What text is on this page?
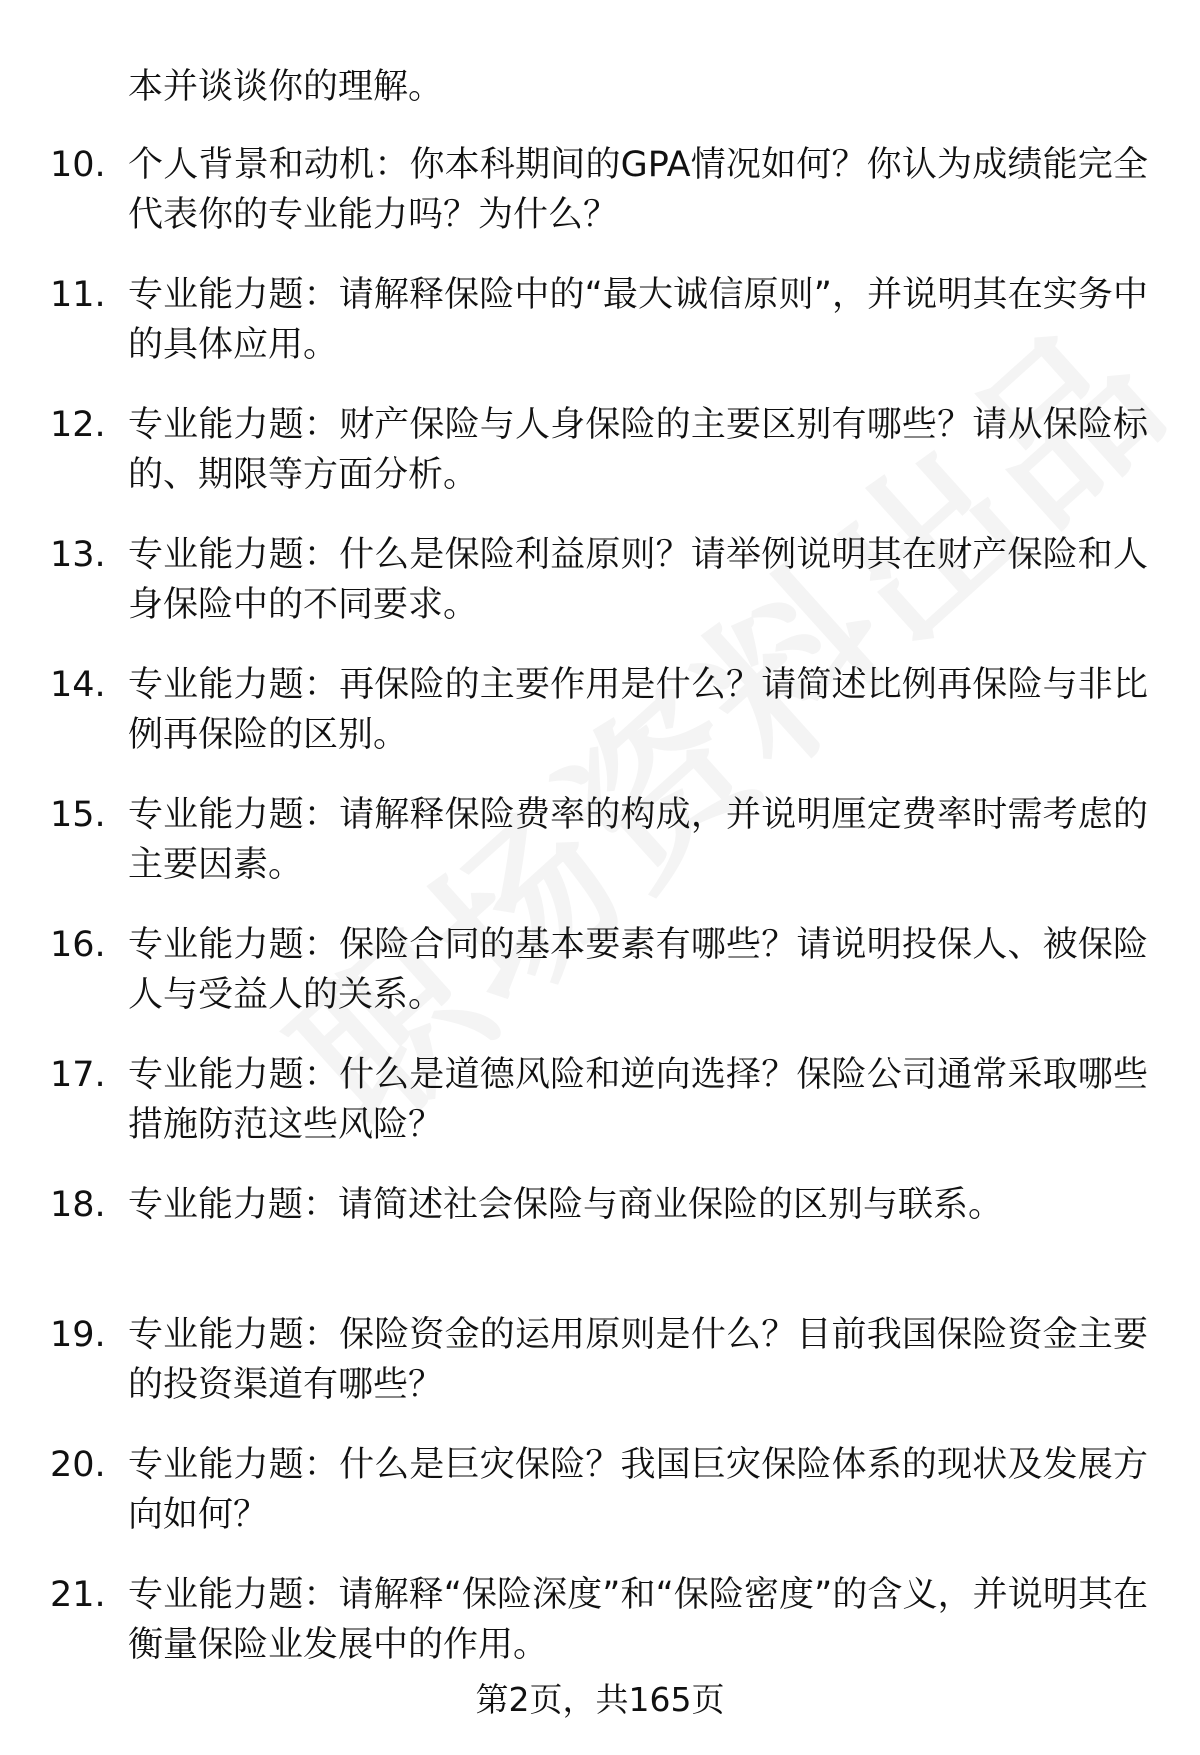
本并谈谈你的理解。
10. 个人背景和动机：你本科期间的GPA情况如何？你认为成绩能完全代表你的专业能力吗？为什么？
11. 专业能力题：请解释保险中的“最大诚信原则”，并说明其在实务中的具体应用。
12. 专业能力题：财产保险与人身保险的主要区别有哪些？请从保险标的、期限等方面分析。
13. 专业能力题：什么是保险利益原则？请举例说明其在财产保险和人身保险中的不同要求。
14. 专业能力题：再保险的主要作用是什么？请简述比例再保险与非比例再保险的区别。
15. 专业能力题：请解释保险费率的构成，并说明厘定费率时需考虑的主要因素。
16. 专业能力题：保险合同的基本要素有哪些？请说明投保人、被保险人与受益人的关系。
17. 专业能力题：什么是道德风险和逆向选择？保险公司通常采取哪些措施防范这些风险？
18. 专业能力题：请简述社会保险与商业保险的区别与联系。
19. 专业能力题：保险资金的运用原则是什么？目前我国保险资金主要的投资渠道有哪些？
20. 专业能力题：什么是巨灾保险？我国巨灾保险体系的现状及发展方向如何？
21. 专业能力题：请解释“保险深度”和“保险密度”的含义，并说明其在衡量保险业发展中的作用。
第2页，共165页
